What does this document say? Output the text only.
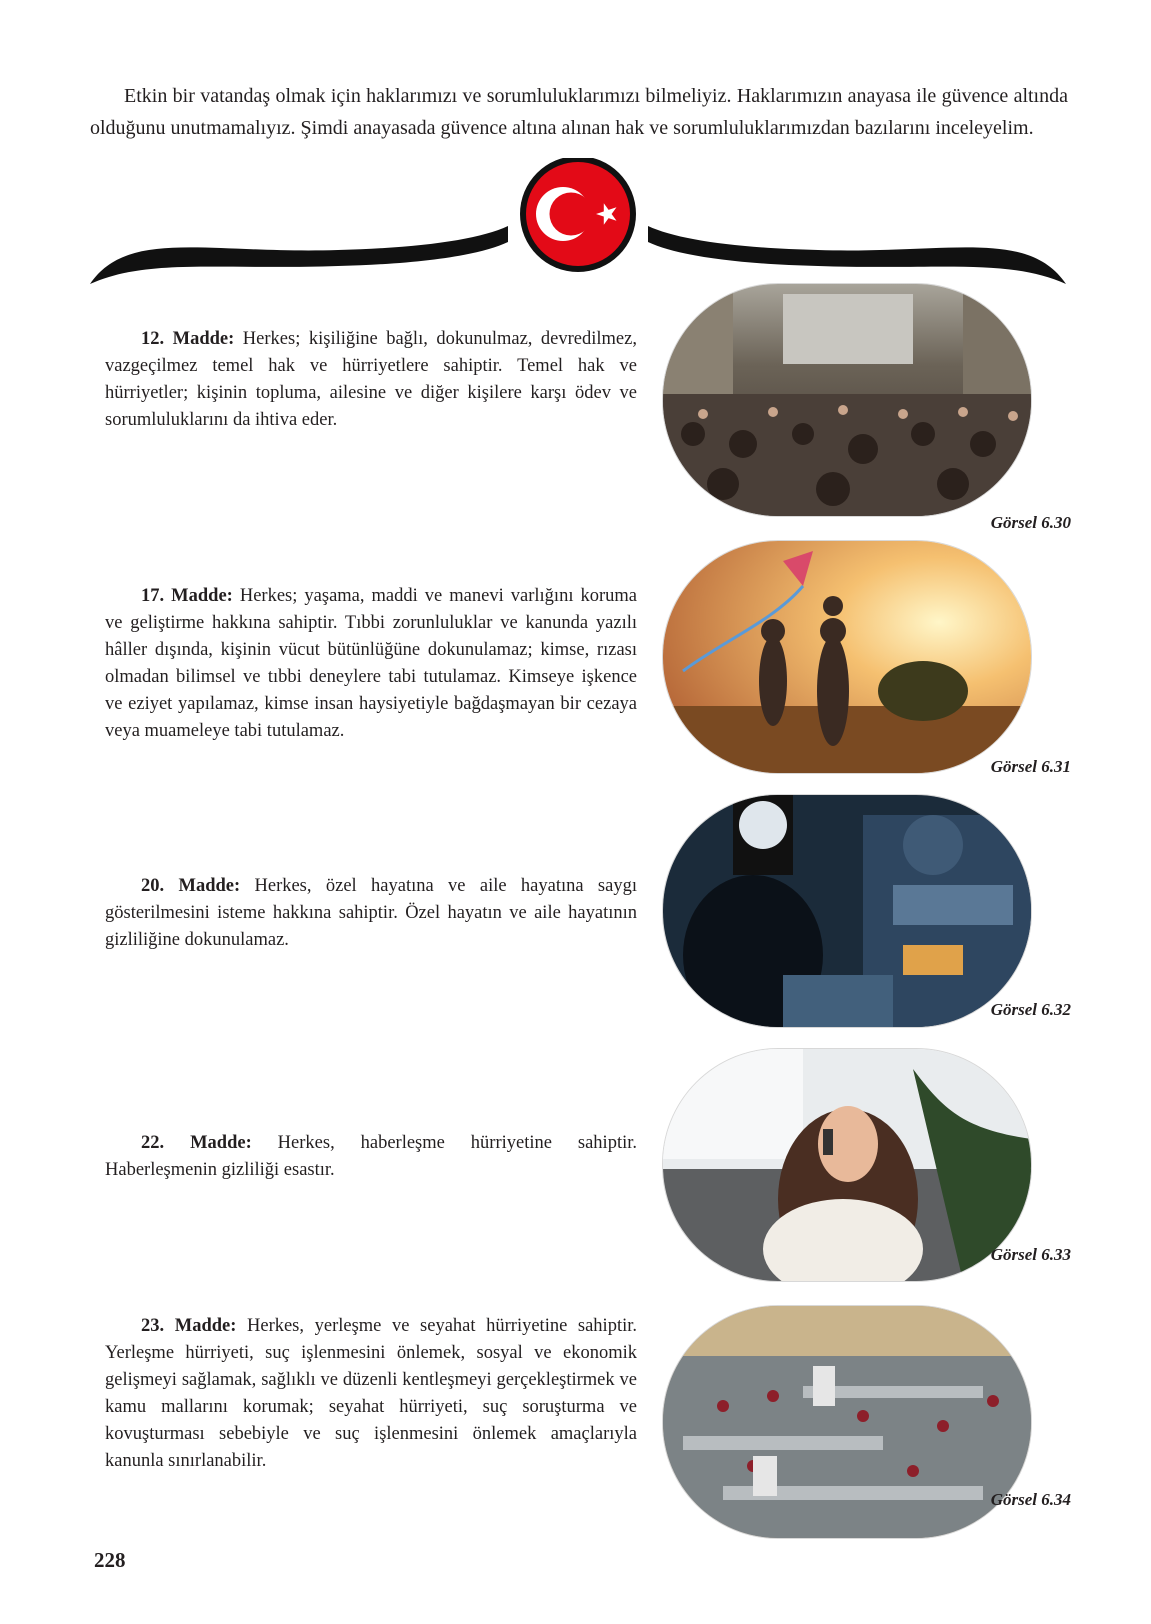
Etkin bir vatandaş olmak için haklarımızı ve sorumluluklarımızı bilmeliyiz. Haklarımızın anayasa ile güvence altında olduğunu unutmamalıyız. Şimdi anayasada güvence altına alınan hak ve sorumluluklarımızdan bazılarını inceleyelim.

12. Madde: Herkes; kişiliğine bağlı, dokunulmaz, devredilmez, vazgeçilmez temel hak ve hürriyetlere sahiptir. Temel hak ve hürriyetler; kişinin topluma, ailesine ve diğer kişilere karşı ödev ve sorumluluklarını da ihtiva eder.

Görsel 6.30

17. Madde: Herkes; yaşama, maddi ve manevi varlığını koruma ve geliştirme hakkına sahiptir. Tıbbi zorunluluklar ve kanunda yazılı hâller dışında, kişinin vücut bütünlüğüne dokunulamaz; kimse, rızası olmadan bilimsel ve tıbbi deneylere tabi tutulamaz. Kimseye işkence ve eziyet yapılamaz, kimse insan haysiyetiyle bağdaşmayan bir cezaya veya muameleye tabi tutulamaz.

Görsel 6.31

20. Madde: Herkes, özel hayatına ve aile hayatına saygı gösterilmesini isteme hakkına sahiptir. Özel hayatın ve aile hayatının gizliliğine dokunulamaz.

Görsel 6.32

22. Madde: Herkes, haberleşme hürriyetine sahiptir. Haberleşmenin gizliliği esastır.

Görsel 6.33

23. Madde: Herkes, yerleşme ve seyahat hürriyetine sahiptir. Yerleşme hürriyeti, suç işlenmesini önlemek, sosyal ve ekonomik gelişmeyi sağlamak, sağlıklı ve düzenli kentleşmeyi gerçekleştirmek ve kamu mallarını korumak; seyahat hürriyeti, suç soruşturma ve kovuşturması sebebiyle ve suç işlenmesini önlemek amaçlarıyla kanunla sınırlanabilir.

Görsel 6.34
228
